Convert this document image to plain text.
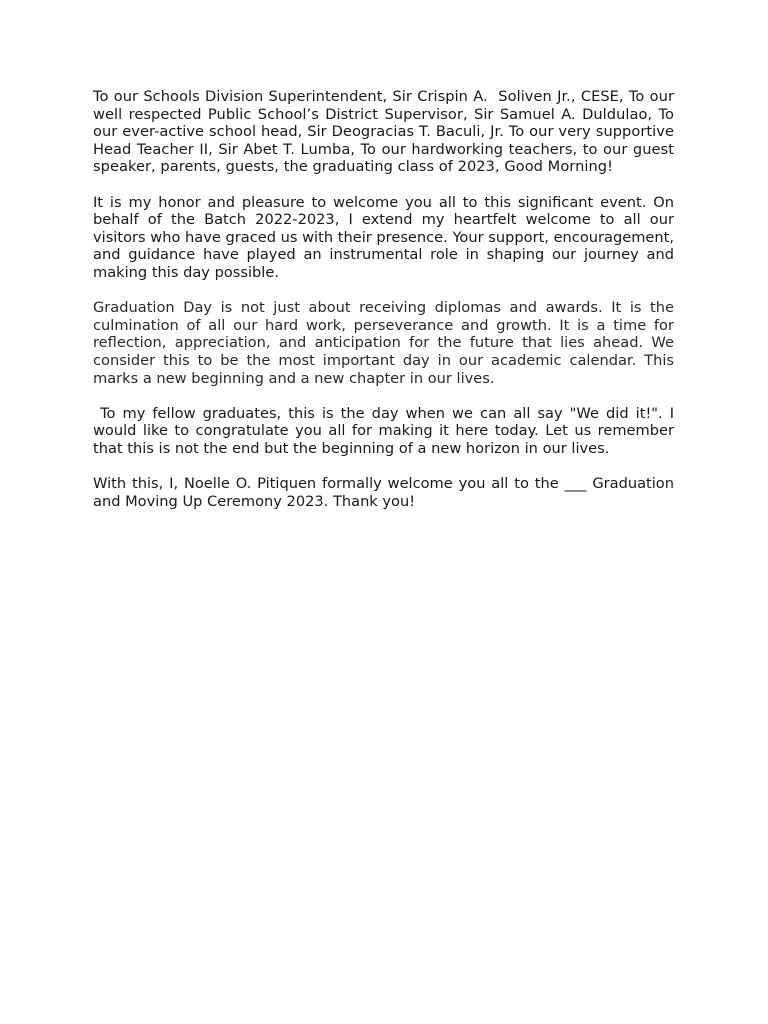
To our Schools Division Superintendent, Sir Crispin A.  Soliven Jr., CESE, To our well respected Public School’s District Supervisor, Sir Samuel A. Duldulao, To our ever-active school head, Sir Deogracias T. Baculi, Jr. To our very supportive Head Teacher II, Sir Abet T. Lumba, To our hardworking teachers, to our guest speaker, parents, guests, the graduating class of 2023, Good Morning!

It is my honor and pleasure to welcome you all to this significant event. On behalf of the Batch 2022-2023, I extend my heartfelt welcome to all our visitors who have graced us with their presence. Your support, encouragement, and guidance have played an instrumental role in shaping our journey and making this day possible.

Graduation Day is not just about receiving diplomas and awards. It is the culmination of all our hard work, perseverance and growth. It is a time for reflection, appreciation, and anticipation for the future that lies ahead. We consider this to be the most important day in our academic calendar. This marks a new beginning and a new chapter in our lives.

To my fellow graduates, this is the day when we can all say "We did it!". I would like to congratulate you all for making it here today. Let us remember that this is not the end but the beginning of a new horizon in our lives.

With this, I, Noelle O. Pitiquen formally welcome you all to the ___ Graduation and Moving Up Ceremony 2023. Thank you!
